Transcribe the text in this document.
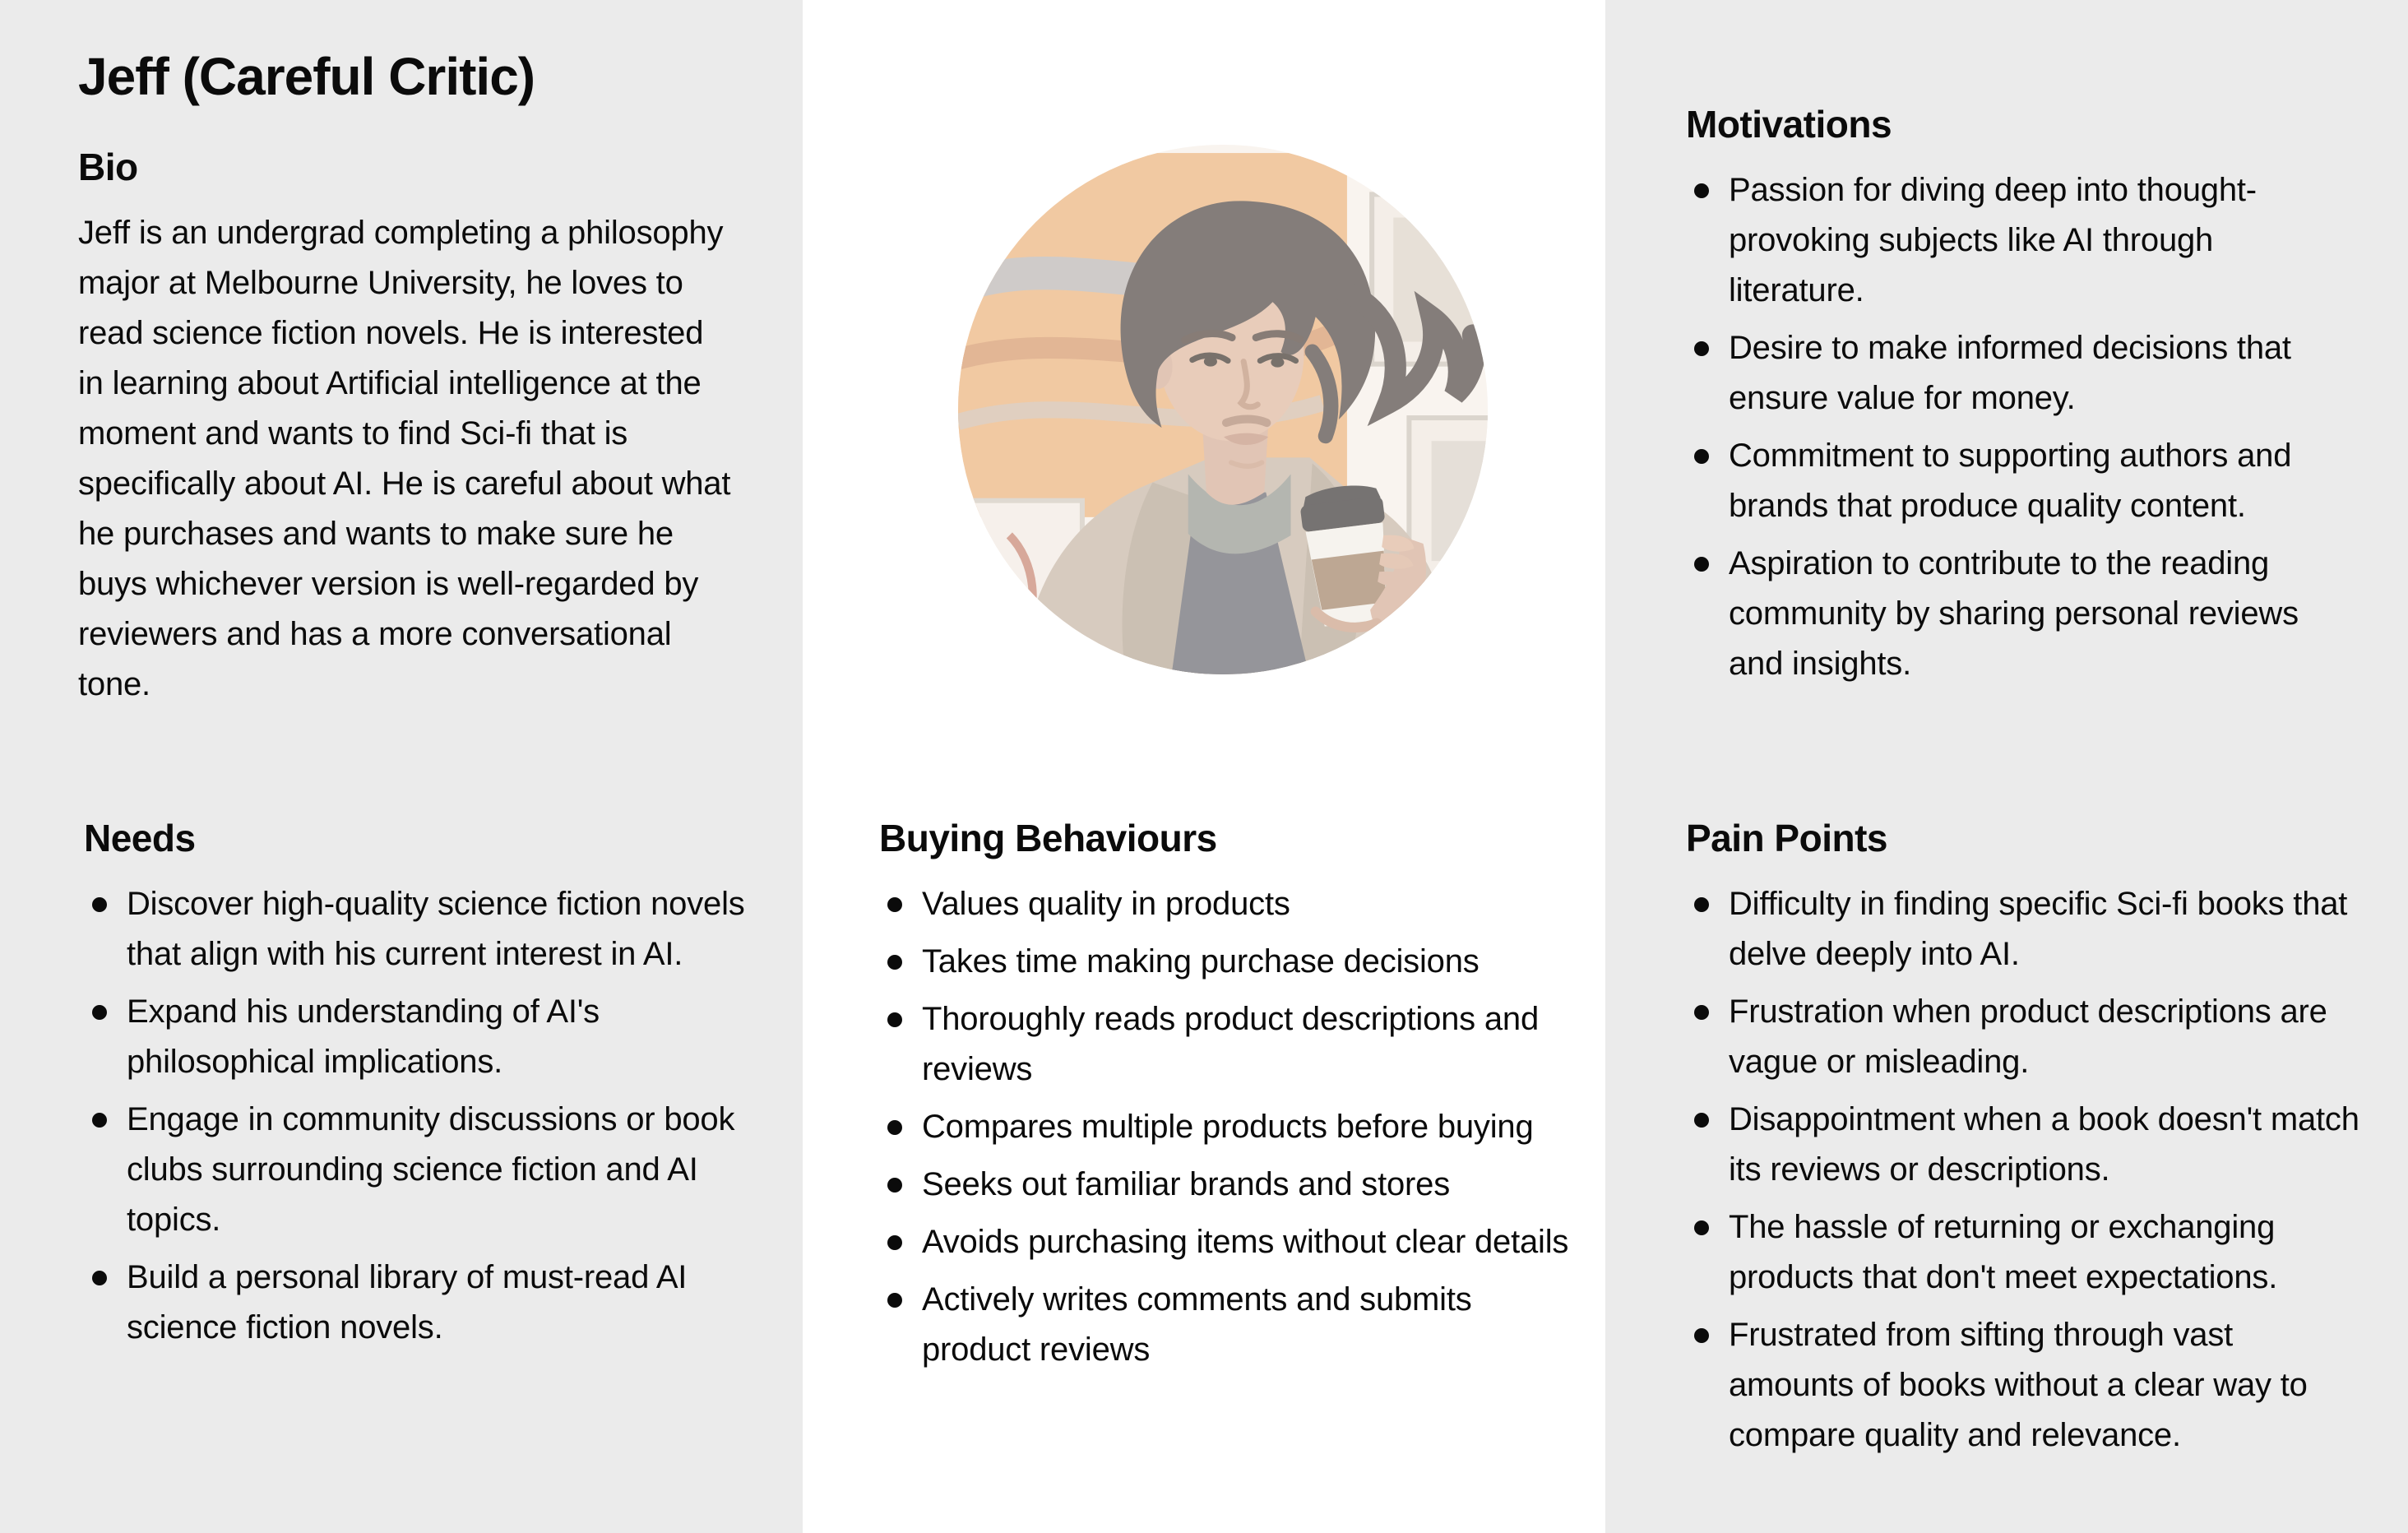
Jeff (Careful Critic)
Bio

Jeff is an undergrad completing a philosophy major at Melbourne University, he loves to read science fiction novels. He is interested in learning about Artificial intelligence at the moment and wants to find Sci-fi that is specifically about AI. He is careful about what he purchases and wants to make sure he buys whichever version is well-regarded by reviewers and has a more conversational tone.

Needs
Discover high-quality science fiction novels that align with his current interest in AI.
Expand his understanding of AI's philosophical implications.
Engage in community discussions or book clubs surrounding science fiction and AI topics.
Build a personal library of must-read AI science fiction novels.
Buying Behaviours
Values quality in products
Takes time making purchase decisions
Thoroughly reads product descriptions and reviews
Compares multiple products before buying
Seeks out familiar brands and stores
Avoids purchasing items without clear details
Actively writes comments and submits product reviews
Motivations
Passion for diving deep into thought-provoking subjects like AI through literature.
Desire to make informed decisions that ensure value for money.
Commitment to supporting authors and brands that produce quality content.
Aspiration to contribute to the reading community by sharing personal reviews and insights.
Pain Points
Difficulty in finding specific Sci-fi books that delve deeply into AI.
Frustration when product descriptions are vague or misleading.
Disappointment when a book doesn't match its reviews or descriptions.
The hassle of returning or exchanging products that don't meet expectations.
Frustrated from sifting through vast amounts of books without a clear way to compare quality and relevance.
